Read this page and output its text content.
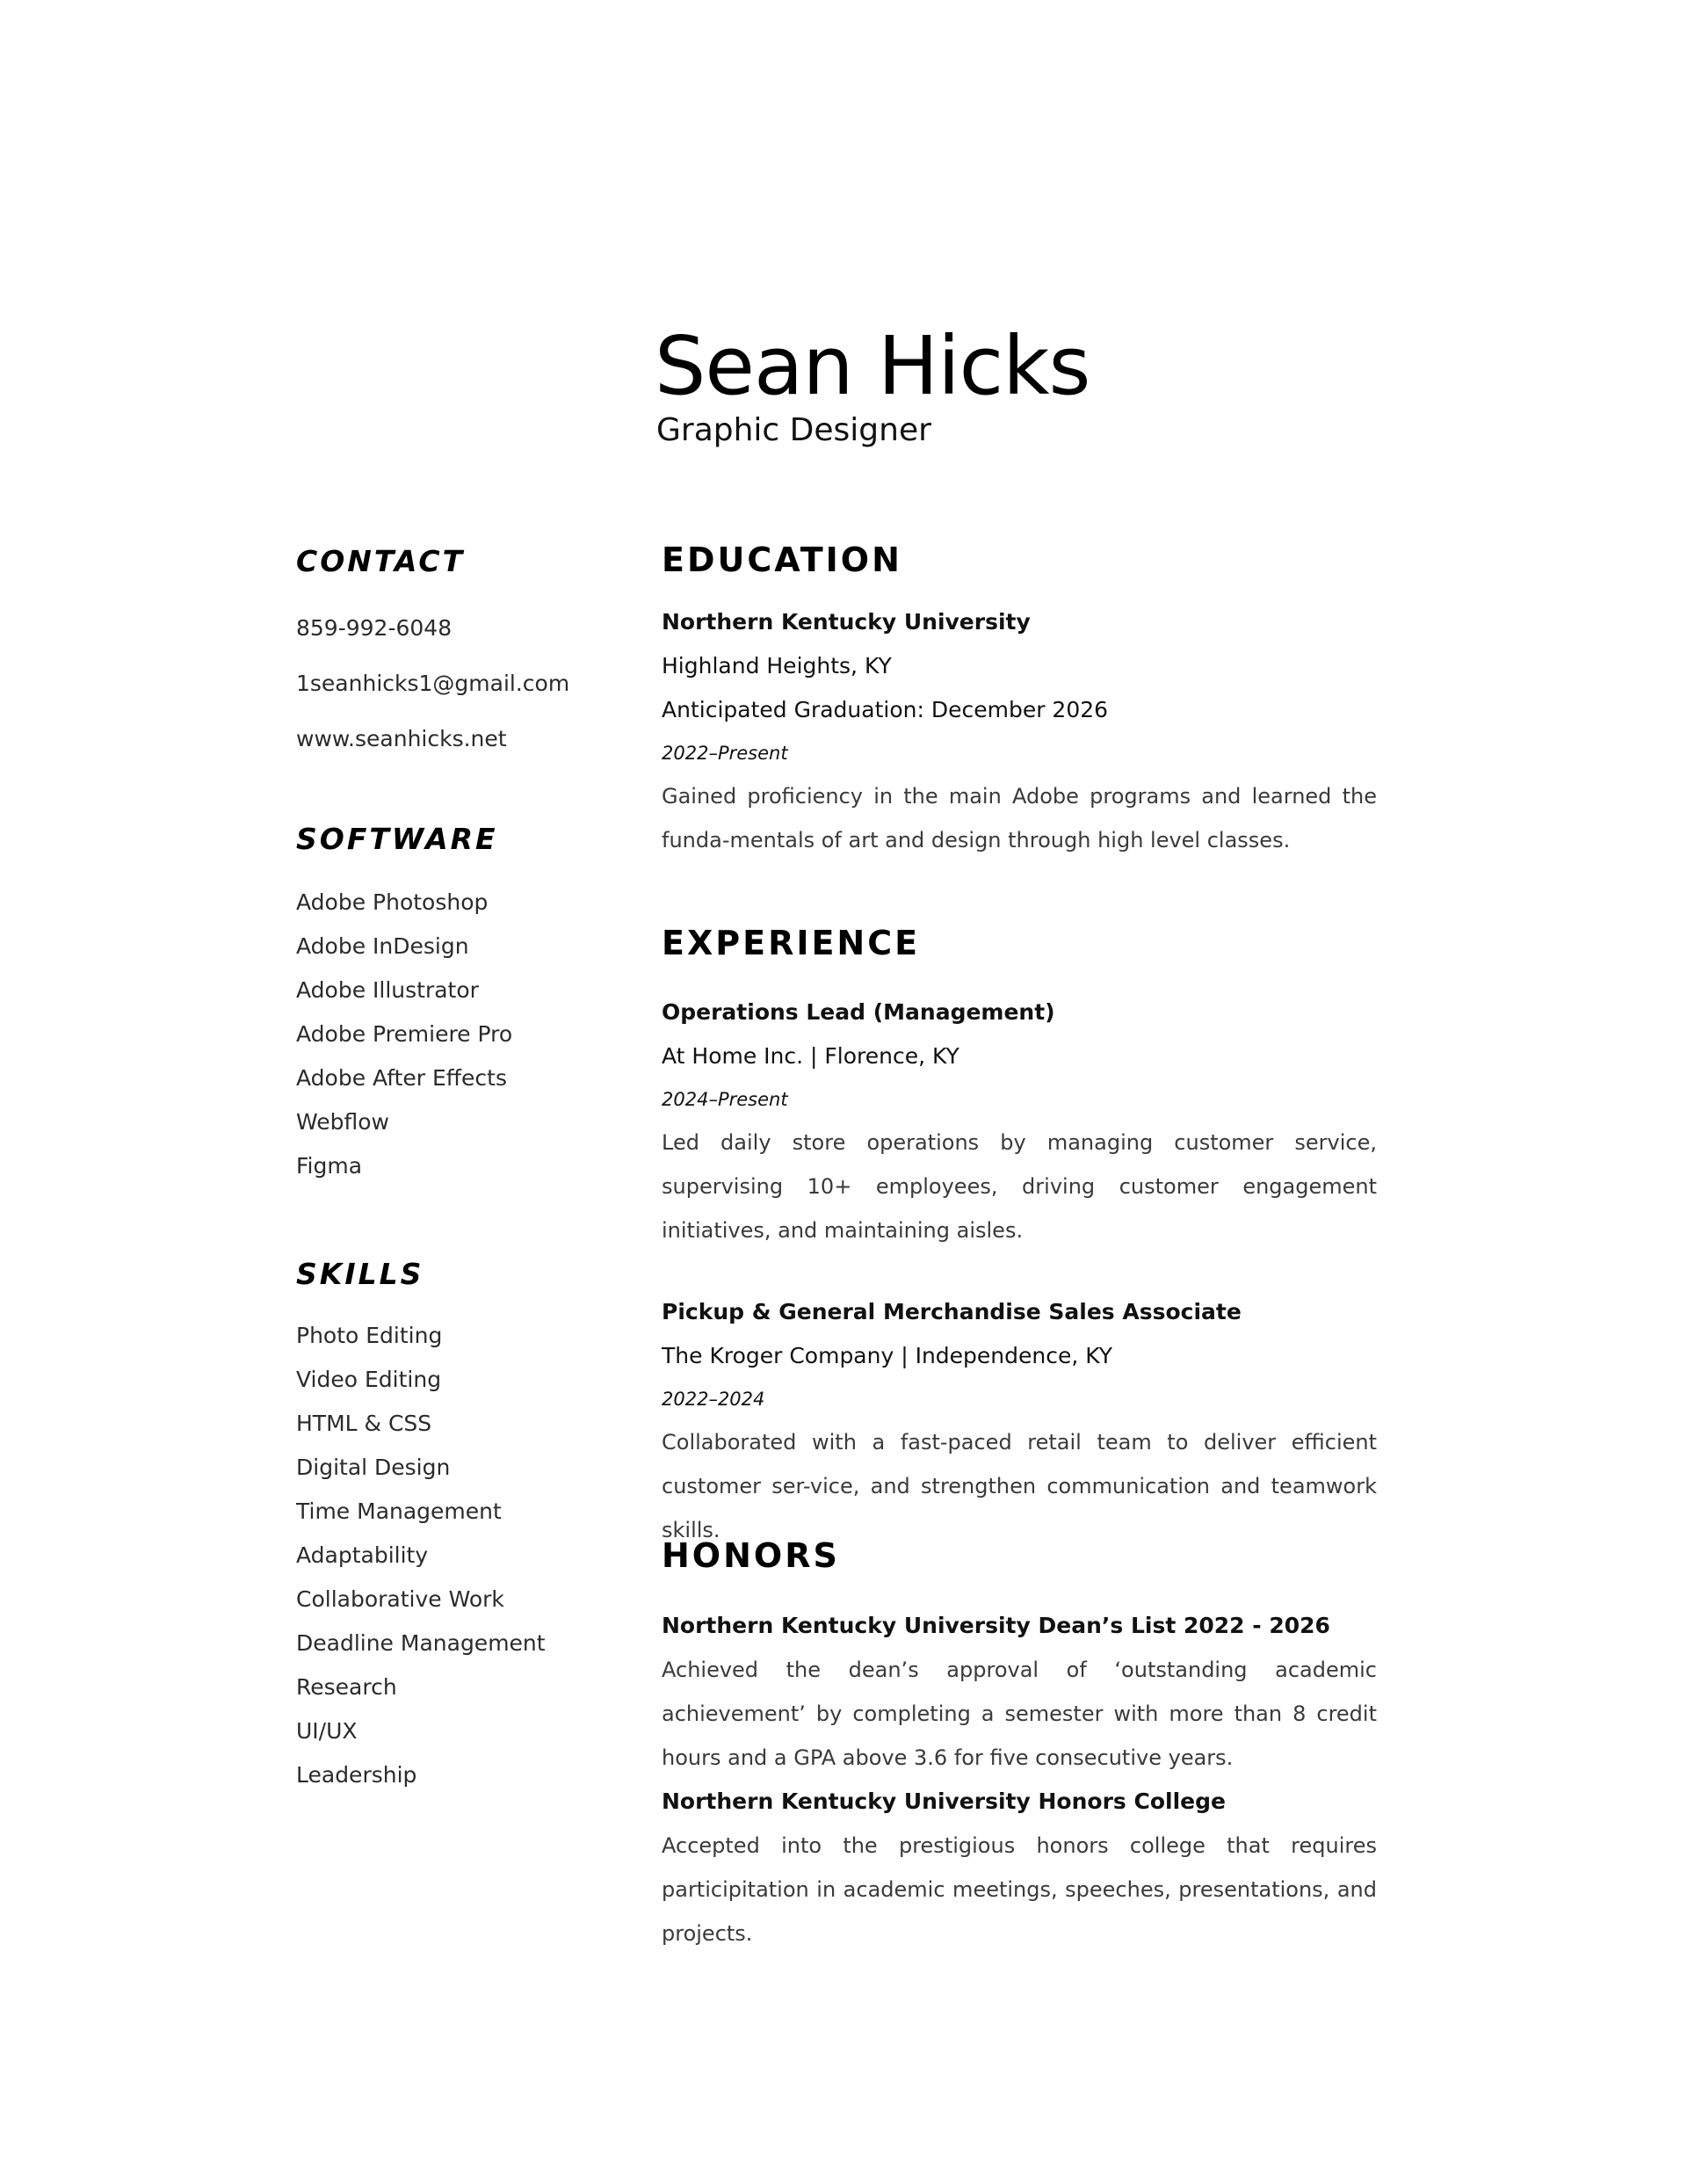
Sean Hicks
Graphic Designer
CONTACT
859-992-6048
1seanhicks1@gmail.com
www.seanhicks.net
SOFTWARE
Adobe Photoshop
Adobe InDesign
Adobe Illustrator
Adobe Premiere Pro
Adobe After Effects
Webflow
Figma
SKILLS
Photo Editing
Video Editing
HTML & CSS
Digital Design
Time Management
Adaptability
Collaborative Work
Deadline Management
Research
UI/UX
Leadership
EDUCATION
Northern Kentucky University
Highland Heights, KY
Anticipated Graduation: December 2026
2022–Present

Gained proficiency in the main Adobe programs and learned the funda-mentals of art and design through high level classes.

EXPERIENCE
Operations Lead (Management)
At Home Inc. | Florence, KY
2024–Present

Led daily store operations by managing customer service, supervising 10+ employees, driving customer engagement initiatives, and maintaining aisles.

Pickup & General Merchandise Sales Associate
The Kroger Company | Independence, KY
2022–2024

Collaborated with a fast-paced retail team to deliver efficient customer ser-vice, and strengthen communication and teamwork skills.

HONORS
Northern Kentucky University Dean’s List 2022 - 2026

Achieved the dean’s approval of ‘outstanding academic achievement’ by completing a semester with more than 8 credit hours and a GPA above 3.6 for five consecutive years.

Northern Kentucky University Honors College

Accepted into the prestigious honors college that requires participitation in academic meetings, speeches, presentations, and projects.
